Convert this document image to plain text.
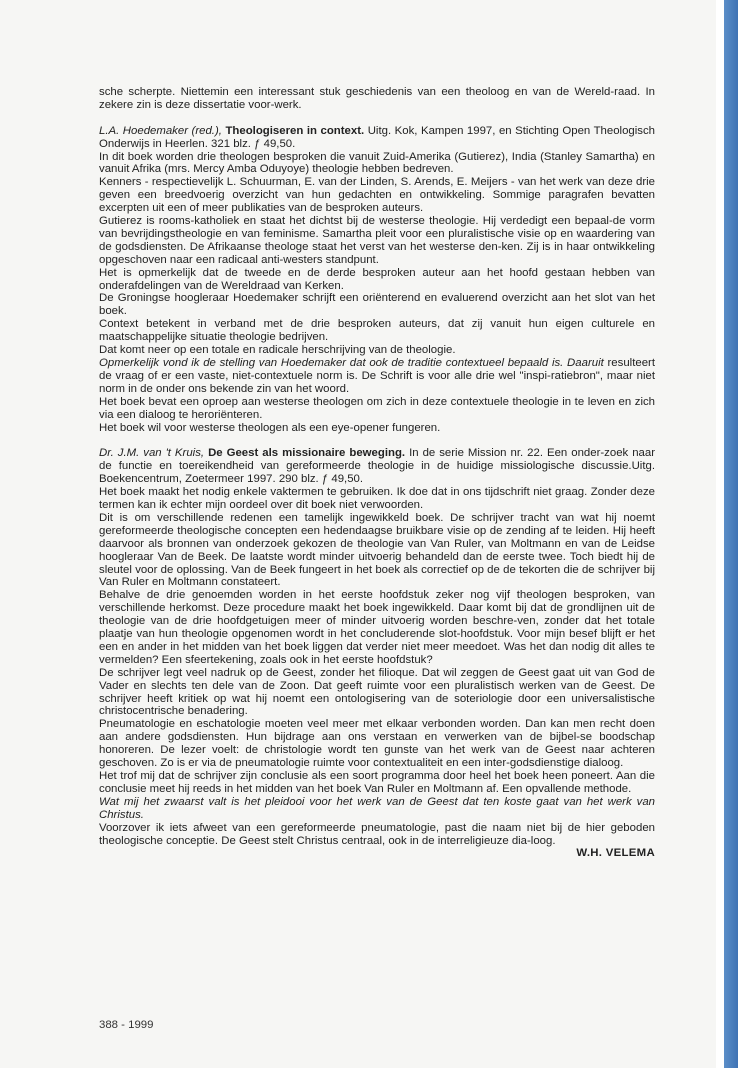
sche scherpte. Niettemin een interessant stuk geschiedenis van een theoloog en van de Wereld-raad. In zekere zin is deze dissertatie voor-werk.

L.A. Hoedemaker (red.), Theologiseren in context. Uitg. Kok, Kampen 1997, en Stichting Open Theologisch Onderwijs in Heerlen. 321 blz. ƒ 49,50.

In dit boek worden drie theologen besproken die vanuit Zuid-Amerika (Gutierez), India (Stanley Samartha) en vanuit Afrika (mrs. Mercy Amba Oduyoye) theologie hebben bedreven.

Kenners - respectievelijk L. Schuurman, E. van der Linden, S. Arends, E. Meijers - van het werk van deze drie geven een breedvoerig overzicht van hun gedachten en ontwikkeling. Sommige paragrafen bevatten excerpten uit een of meer publikaties van de besproken auteurs.

Gutierez is rooms-katholiek en staat het dichtst bij de westerse theologie. Hij verdedigt een bepaal-de vorm van bevrijdingstheologie en van feminisme. Samartha pleit voor een pluralistische visie op en waardering van de godsdiensten. De Afrikaanse theologe staat het verst van het westerse den-ken. Zij is in haar ontwikkeling opgeschoven naar een radicaal anti-westers standpunt.

Het is opmerkelijk dat de tweede en de derde besproken auteur aan het hoofd gestaan hebben van onderafdelingen van de Wereldraad van Kerken.

De Groningse hoogleraar Hoedemaker schrijft een oriënterend en evaluerend overzicht aan het slot van het boek.

Context betekent in verband met de drie besproken auteurs, dat zij vanuit hun eigen culturele en maatschappelijke situatie theologie bedrijven.

Dat komt neer op een totale en radicale herschrijving van de theologie.

Opmerkelijk vond ik de stelling van Hoedemaker dat ook de traditie contextueel bepaald is. Daaruit resulteert de vraag of er een vaste, niet-contextuele norm is. De Schrift is voor alle drie wel "inspi-ratiebron", maar niet norm in de onder ons bekende zin van het woord.

Het boek bevat een oproep aan westerse theologen om zich in deze contextuele theologie in te leven en zich via een dialoog te heroriënteren.

Het boek wil voor westerse theologen als een eye-opener fungeren.

Dr. J.M. van 't Kruis, De Geest als missionaire beweging. In de serie Mission nr. 22. Een onder-zoek naar de functie en toereikendheid van gereformeerde theologie in de huidige missiologische discussie.Uitg. Boekencentrum, Zoetermeer 1997. 290 blz. ƒ 49,50.

Het boek maakt het nodig enkele vaktermen te gebruiken. Ik doe dat in ons tijdschrift niet graag. Zonder deze termen kan ik echter mijn oordeel over dit boek niet verwoorden.

Dit is om verschillende redenen een tamelijk ingewikkeld boek. De schrijver tracht van wat hij noemt gereformeerde theologische concepten een hedendaagse bruikbare visie op de zending af te leiden. Hij heeft daarvoor als bronnen van onderzoek gekozen de theologie van Van Ruler, van Moltmann en van de Leidse hoogleraar Van de Beek. De laatste wordt minder uitvoerig behandeld dan de eerste twee. Toch biedt hij de sleutel voor de oplossing. Van de Beek fungeert in het boek als correctief op de de tekorten die de schrijver bij Van Ruler en Moltmann constateert.

Behalve de drie genoemden worden in het eerste hoofdstuk zeker nog vijf theologen besproken, van verschillende herkomst. Deze procedure maakt het boek ingewikkeld. Daar komt bij dat de grondlijnen uit de theologie van de drie hoofdgetuigen meer of minder uitvoerig worden beschre-ven, zonder dat het totale plaatje van hun theologie opgenomen wordt in het concluderende slot-hoofdstuk. Voor mijn besef blijft er het een en ander in het midden van het boek liggen dat verder niet meer meedoet. Was het dan nodig dit alles te vermelden? Een sfeertekening, zoals ook in het eerste hoofdstuk?

De schrijver legt veel nadruk op de Geest, zonder het filioque. Dat wil zeggen de Geest gaat uit van God de Vader en slechts ten dele van de Zoon. Dat geeft ruimte voor een pluralistisch werken van de Geest. De schrijver heeft kritiek op wat hij noemt een ontologisering van de soteriologie door een universalistische christocentrische benadering.

Pneumatologie en eschatologie moeten veel meer met elkaar verbonden worden. Dan kan men recht doen aan andere godsdiensten. Hun bijdrage aan ons verstaan en verwerken van de bijbel-se boodschap honoreren. De lezer voelt: de christologie wordt ten gunste van het werk van de Geest naar achteren geschoven. Zo is er via de pneumatologie ruimte voor contextualiteit en een inter-godsdienstige dialoog.

Het trof mij dat de schrijver zijn conclusie als een soort programma door heel het boek heen poneert. Aan die conclusie meet hij reeds in het midden van het boek Van Ruler en Moltmann af. Een opvallende methode.

Wat mij het zwaarst valt is het pleidooi voor het werk van de Geest dat ten koste gaat van het werk van Christus.

Voorzover ik iets afweet van een gereformeerde pneumatologie, past die naam niet bij de hier geboden theologische conceptie. De Geest stelt Christus centraal, ook in de interreligieuze dia-loog.

W.H. VELEMA

388 - 1999
